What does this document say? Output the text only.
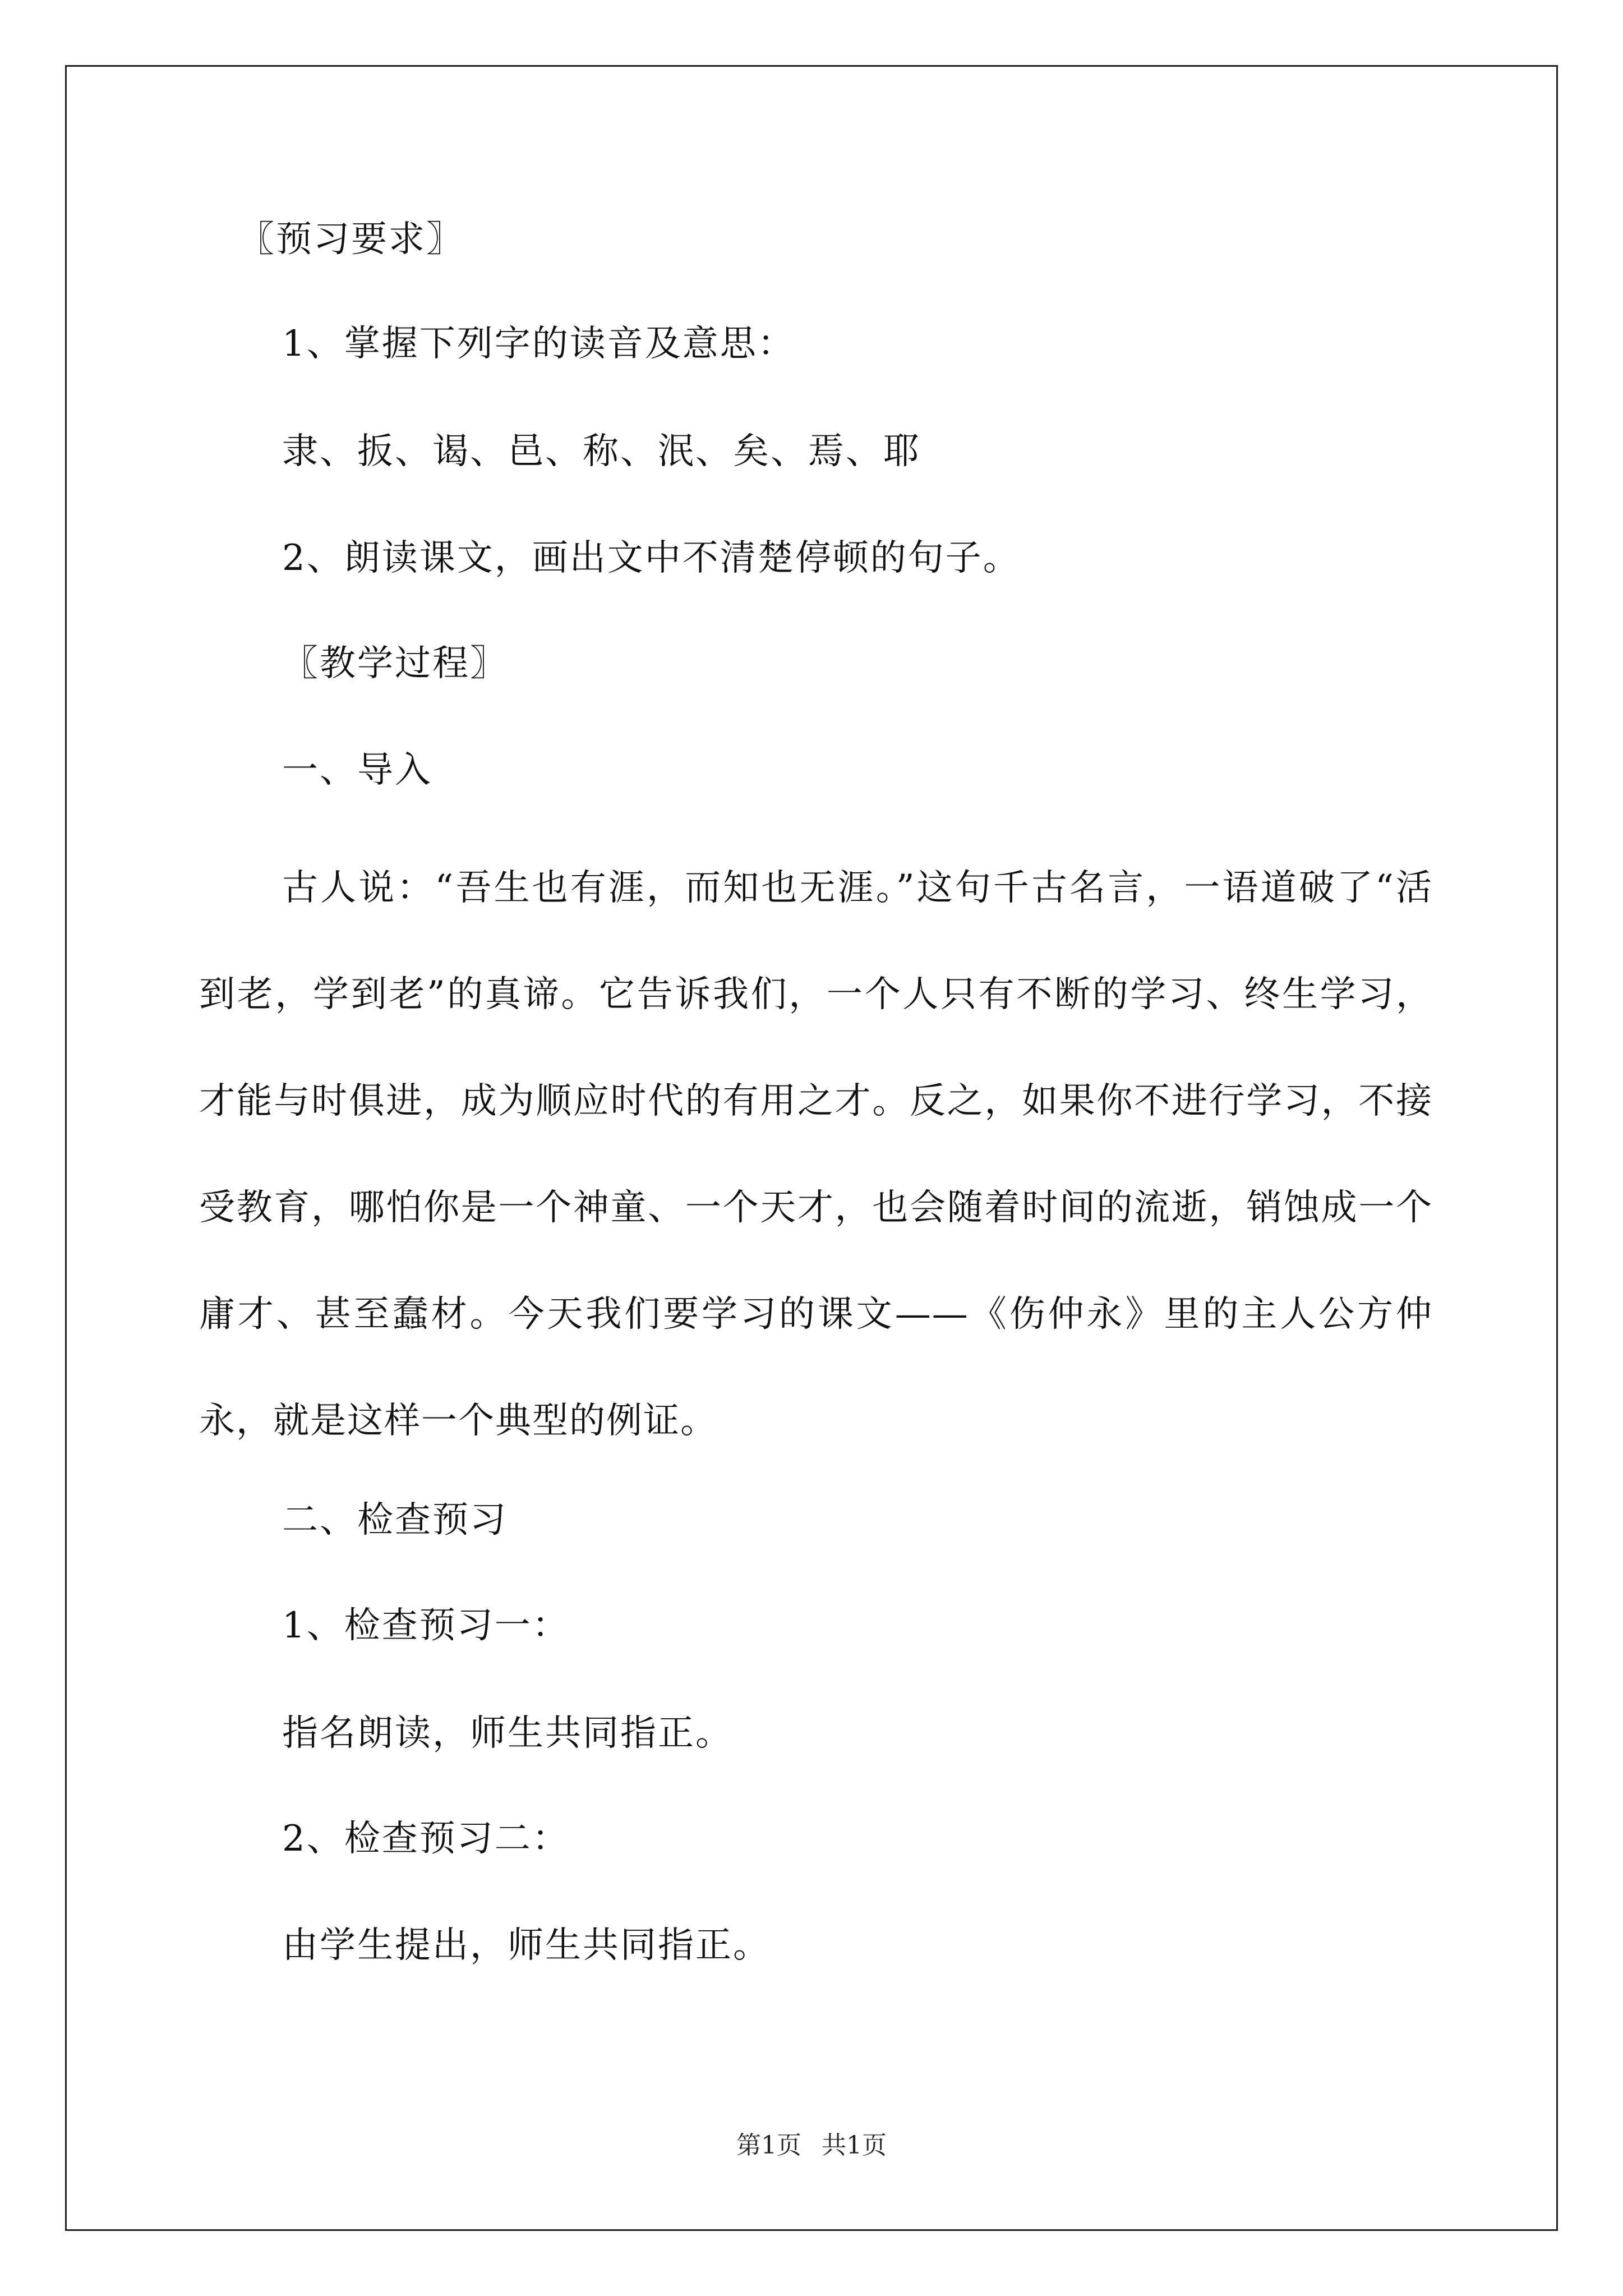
〖预习要求〗
1、掌握下列字的读音及意思：
隶、扳、谒、邑、称、泯、矣、焉、耶
2、朗读课文，画出文中不清楚停顿的句子。
〖教学过程〗
一、导入
古人说：“吾生也有涯，而知也无涯。”这句千古名言，一语道破了“活到老，学到老”的真谛。它告诉我们，一个人只有不断的学习、终生学习，才能与时俱进，成为顺应时代的有用之才。反之，如果你不进行学习，不接受教育，哪怕你是一个神童、一个天才，也会随着时间的流逝，销蚀成一个庸才、甚至蠢材。今天我们要学习的课文——《伤仲永》里的主人公方仲永，就是这样一个典型的例证。
二、检查预习
1、检查预习一：
指名朗读，师生共同指正。
2、检查预习二：
由学生提出，师生共同指正。
第1页 共1页
